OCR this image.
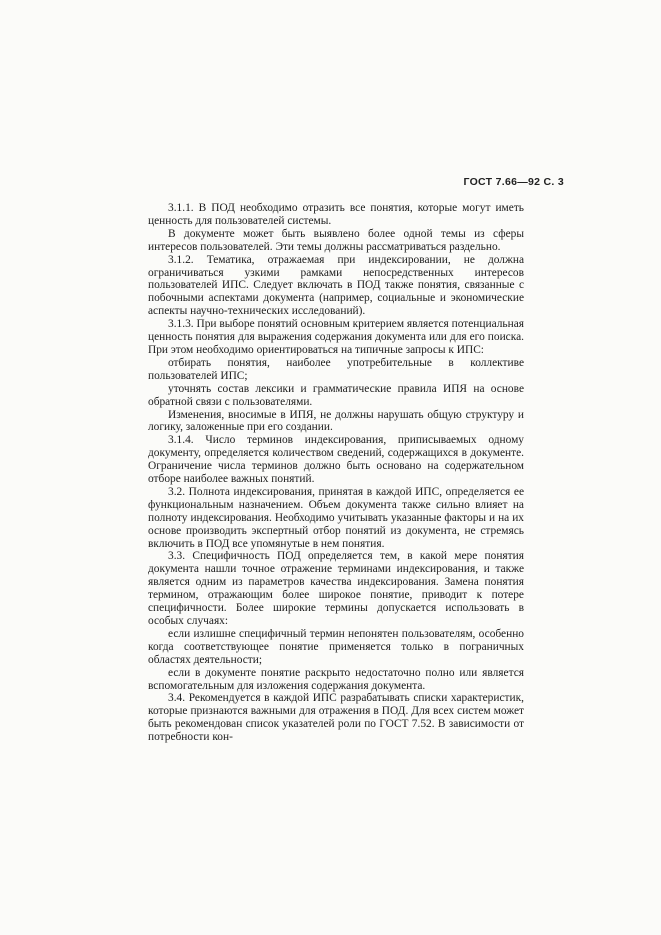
ГОСТ 7.66—92 С. 3

3.1.1. В ПОД необходимо отразить все понятия, которые могут иметь ценность для пользователей системы.

В документе может быть выявлено более одной темы из сферы интересов пользователей. Эти темы должны рассматриваться раздельно.

3.1.2. Тематика, отражаемая при индексировании, не должна ограничиваться узкими рамками непосредственных интересов пользователей ИПС. Следует включать в ПОД также понятия, связанные с побочными аспектами документа (например, социальные и экономические аспекты научно-технических исследований).

3.1.3. При выборе понятий основным критерием является потенциальная ценность понятия для выражения содержания документа или для его поиска. При этом необходимо ориентироваться на типичные запросы к ИПС:

отбирать понятия, наиболее употребительные в коллективе пользователей ИПС;

уточнять состав лексики и грамматические правила ИПЯ на основе обратной связи с пользователями.

Изменения, вносимые в ИПЯ, не должны нарушать общую структуру и логику, заложенные при его создании.

3.1.4. Число терминов индексирования, приписываемых одному документу, определяется количеством сведений, содержащихся в документе. Ограничение числа терминов должно быть основано на содержательном отборе наиболее важных понятий.

3.2. Полнота индексирования, принятая в каждой ИПС, определяется ее функциональным назначением. Объем документа также сильно влияет на полноту индексирования. Необходимо учитывать указанные факторы и на их основе производить экспертный отбор понятий из документа, не стремясь включить в ПОД все упомянутые в нем понятия.

3.3. Специфичность ПОД определяется тем, в какой мере понятия документа нашли точное отражение терминами индексирования, и также является одним из параметров качества индексирования. Замена понятия термином, отражающим более широкое понятие, приводит к потере специфичности. Более широкие термины допускается использовать в особых случаях:

если излишне специфичный термин непонятен пользователям, особенно когда соответствующее понятие применяется только в пограничных областях деятельности;

если в документе понятие раскрыто недостаточно полно или является вспомогательным для изложения содержания документа.

3.4. Рекомендуется в каждой ИПС разрабатывать списки характеристик, которые признаются важными для отражения в ПОД. Для всех систем может быть рекомендован список указателей роли по ГОСТ 7.52. В зависимости от потребности кон-
